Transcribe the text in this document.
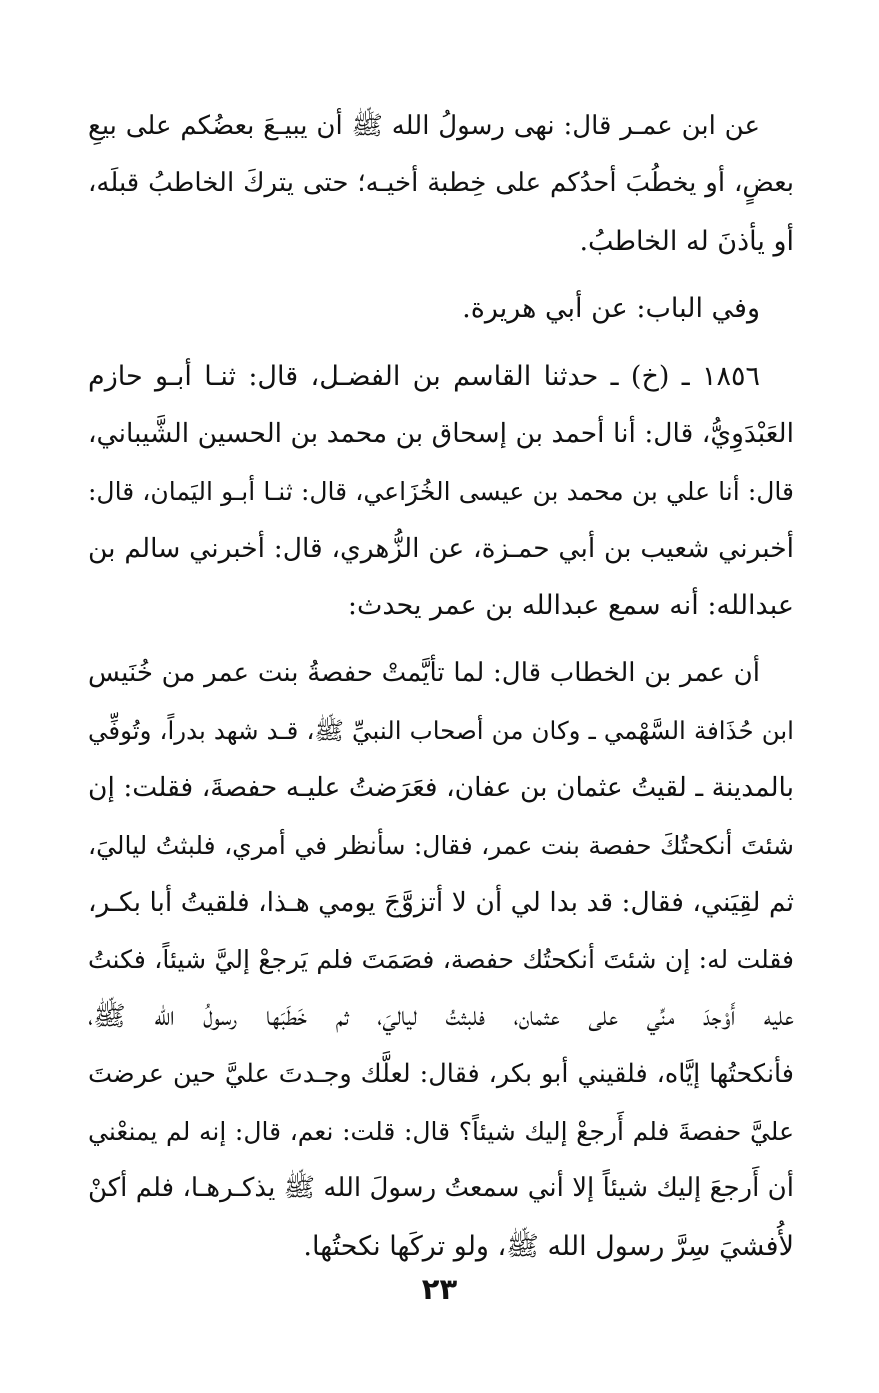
عن ابن عمـر قال: نهى رسولُ الله ﷺ أن يبيـعَ بعضُكم على بيعِ
بعضٍ، أو يخطُبَ أحدُكم على خِطبة أخيـه؛ حتى يتركَ الخاطبُ قبلَه،
أو يأذنَ له الخاطبُ.
وفي الباب: عن أبي هريرة.
١٨٥٦ ـ (خ) ـ حدثنا القاسم بن الفضـل، قال: ثنـا أبـو حازم
العَبْدَوِيُّ، قال: أنا أحمد بن إسحاق بن محمد بن الحسين الشَّيباني،
قال: أنا علي بن محمد بن عيسى الخُزَاعي، قال: ثنـا أبـو اليَمان، قال:
أخبرني شعيب بن أبي حمـزة، عن الزُّهري، قال: أخبرني سالم بن
عبدالله: أنه سمع عبدالله بن عمر يحدث:
أن عمر بن الخطاب قال: لما تأيَّمتْ حفصةُ بنت عمر من خُنَيس
ابن حُذَافة السَّهْمي ـ وكان من أصحاب النبيِّ ﷺ، قـد شهد بدراً، وتُوفِّي
بالمدينة ـ لقيتُ عثمان بن عفان، فعَرَضتُ عليـه حفصةَ، فقلت: إن
شئتَ أنكحتُكَ حفصة بنت عمر، فقال: سأنظر في أمري، فلبثتُ لياليَ،
ثم لقِيَني، فقال: قد بدا لي أن لا أتزوَّجَ يومي هـذا، فلقيتُ أبا بكـر،
فقلت له: إن شئتَ أنكحتُك حفصة، فصَمَتَ فلم يَرجعْ إليَّ شيئاً، فكنتُ
عليه أَوْجدَ منِّي على عثمان، فلبثتُ لياليَ، ثم خَطَبَها رسولُ الله ﷺ،
فأنكحتُها إيَّاه، فلقيني أبو بكر، فقال: لعلَّك وجـدتَ عليَّ حين عرضتَ
عليَّ حفصةَ فلم أَرجعْ إليك شيئاً؟ قال: قلت: نعم، قال: إنه لم يمنعْني
أن أَرجعَ إليك شيئاً إلا أني سمعتُ رسولَ الله ﷺ يذكـرهـا، فلم أكنْ
لأُفشيَ سِرَّ رسول الله ﷺ، ولو تركَها نكحتُها.
٢٣
